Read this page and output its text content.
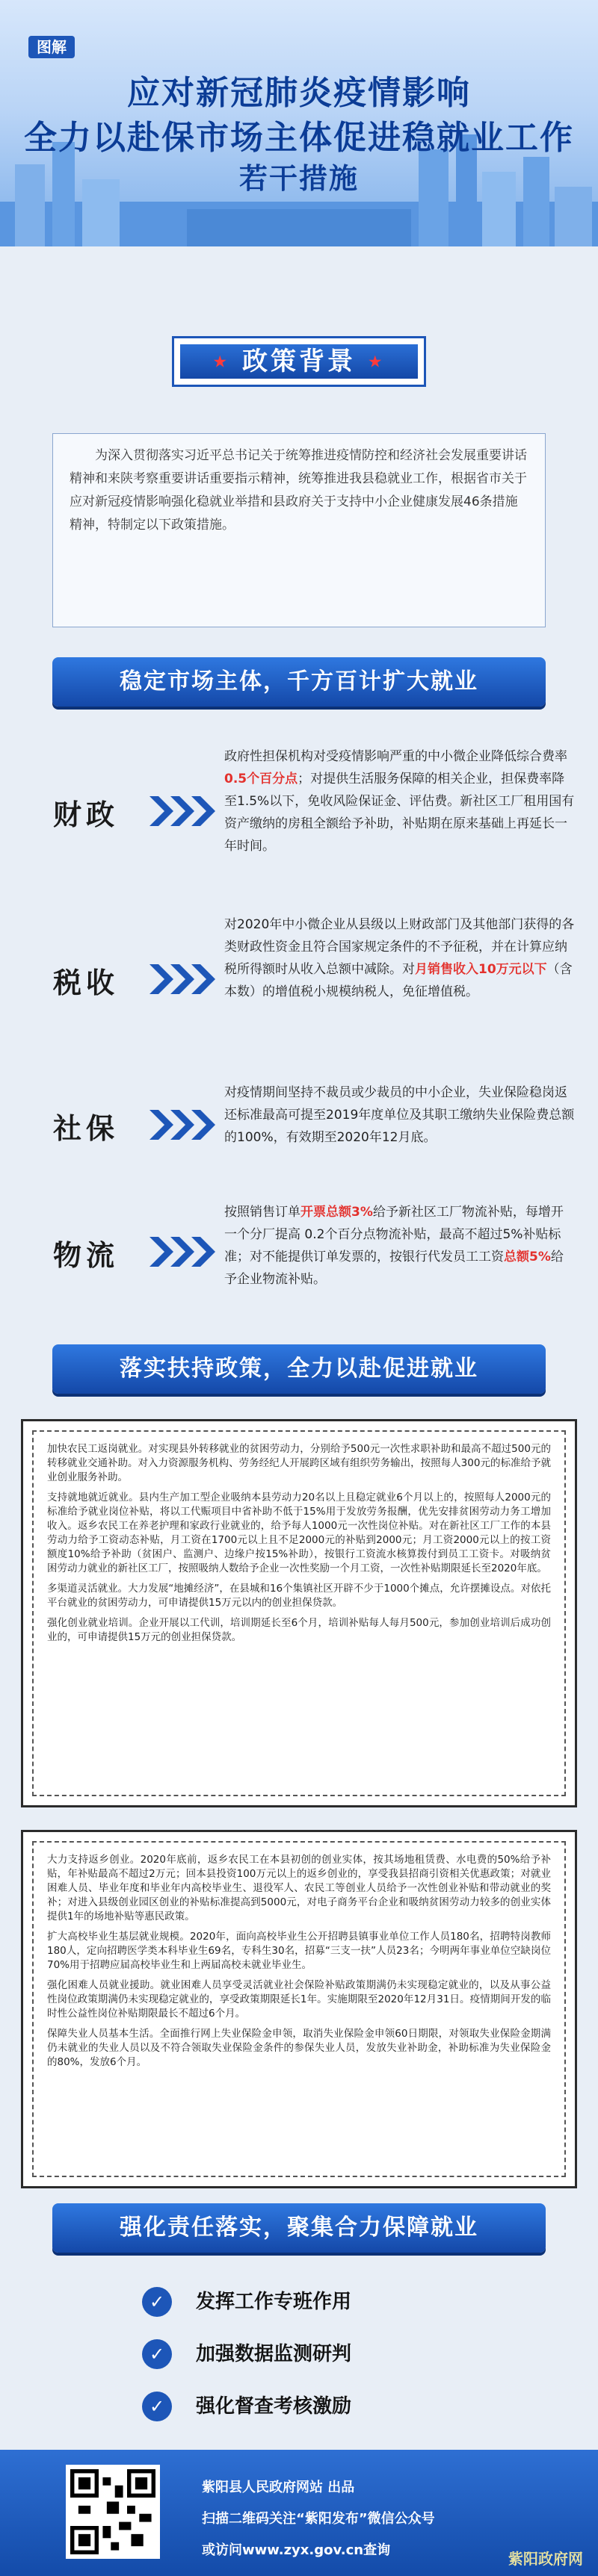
图解
应对新冠肺炎疫情影响
全力以赴保市场主体促进稳就业工作
若干措施
★ 政策背景 ★
为深入贯彻落实习近平总书记关于统筹推进疫情防控和经济社会发展重要讲话精神和来陕考察重要讲话重要指示精神，统筹推进我县稳就业工作，根据省市关于应对新冠疫情影响强化稳就业举措和县政府关于支持中小企业健康发展46条措施精神，特制定以下政策措施。
稳定市场主体，千方百计扩大就业
财政
政府性担保机构对受疫情影响严重的中小微企业降低综合费率0.5个百分点；对提供生活服务保障的相关企业，担保费率降至1.5%以下，免收风险保证金、评估费。新社区工厂租用国有资产缴纳的房租全额给予补助，补贴期在原来基础上再延长一年时间。
税收
对2020年中小微企业从县级以上财政部门及其他部门获得的各类财政性资金且符合国家规定条件的不予征税，并在计算应纳税所得额时从收入总额中减除。对月销售收入10万元以下（含本数）的增值税小规模纳税人，免征增值税。
社保
对疫情期间坚持不裁员或少裁员的中小企业，失业保险稳岗返还标准最高可提至2019年度单位及其职工缴纳失业保险费总额的100%，有效期至2020年12月底。
物流
按照销售订单开票总额3%给予新社区工厂物流补贴，每增开一个分厂提高 0.2个百分点物流补贴，最高不超过5%补贴标准；对不能提供订单发票的，按银行代发员工工资总额5%给予企业物流补贴。
落实扶持政策，全力以赴促进就业

加快农民工返岗就业。对实现县外转移就业的贫困劳动力，分别给予500元一次性求职补助和最高不超过500元的转移就业交通补助。对入力资源服务机构、劳务经纪人开展跨区域有组织劳务输出，按照每人300元的标准给予就业创业服务补助。

支持就地就近就业。县内生产加工型企业吸纳本县劳动力20名以上且稳定就业6个月以上的，按照每人2000元的标准给予就业岗位补贴，将以工代赈项目中省补助不低于15%用于发放劳务报酬，优先安排贫困劳动力务工增加收入。返乡农民工在养老护理和家政行业就业的，给予每人1000元一次性岗位补贴。对在新社区工厂工作的本县劳动力给予工资动态补贴，月工资在1700元以上且不足2000元的补贴到2000元；月工资2000元以上的按工资额度10%给予补助（贫困户、监测户、边缘户按15%补助），按银行工资流水核算拨付到员工工资卡。对吸纳贫困劳动力就业的新社区工厂，按照吸纳人数给予企业一次性奖励一个月工资，一次性补贴期限延长至2020年底。

多渠道灵活就业。大力发展“地摊经济”，在县城和16个集镇社区开辟不少于1000个摊点，允许摆摊设点。对依托平台就业的贫困劳动力，可申请提供15万元以内的创业担保贷款。

强化创业就业培训。企业开展以工代训，培训期延长至6个月，培训补贴每人每月500元，参加创业培训后成功创业的，可申请提供15万元的创业担保贷款。

大力支持返乡创业。2020年底前，返乡农民工在本县初创的创业实体，按其场地租赁费、水电费的50%给予补贴，年补贴最高不超过2万元；回本县投资100万元以上的返乡创业的，享受我县招商引资相关优惠政策；对就业困难人员、毕业年度和毕业年内高校毕业生、退役军人、农民工等创业人员给予一次性创业补贴和带动就业的奖补；对进入县级创业园区创业的补贴标准提高到5000元，对电子商务平台企业和吸纳贫困劳动力较多的创业实体提供1年的场地补贴等惠民政策。

扩大高校毕业生基层就业规模。2020年，面向高校毕业生公开招聘县镇事业单位工作人员180名，招聘特岗教师180人，定向招聘医学类本科毕业生69名，专科生30名，招募“三支一扶”人员23名；今明两年事业单位空缺岗位70%用于招聘应届高校毕业生和上两届高校未就业毕业生。

强化困难人员就业援助。就业困难人员享受灵活就业社会保险补贴政策期满仍未实现稳定就业的，以及从事公益性岗位政策期满仍未实现稳定就业的，享受政策期限延长1年。实施期限至2020年12月31日。疫情期间开发的临时性公益性岗位补贴期限最长不超过6个月。

保障失业人员基本生活。全面推行网上失业保险金申领，取消失业保险金申领60日期限，对领取失业保险金期满仍未就业的失业人员以及不符合领取失业保险金条件的参保失业人员，发放失业补助金，补助标准为失业保险金的80%，发放6个月。

强化责任落实，聚集合力保障就业
✓	发挥工作专班作用
✓	加强数据监测研判
✓	强化督查考核激励
紫阳县人民政府网站 出品
扫描二维码关注“紫阳发布”微信公众号
或访问www.zyx.gov.cn查询	紫阳政府网
